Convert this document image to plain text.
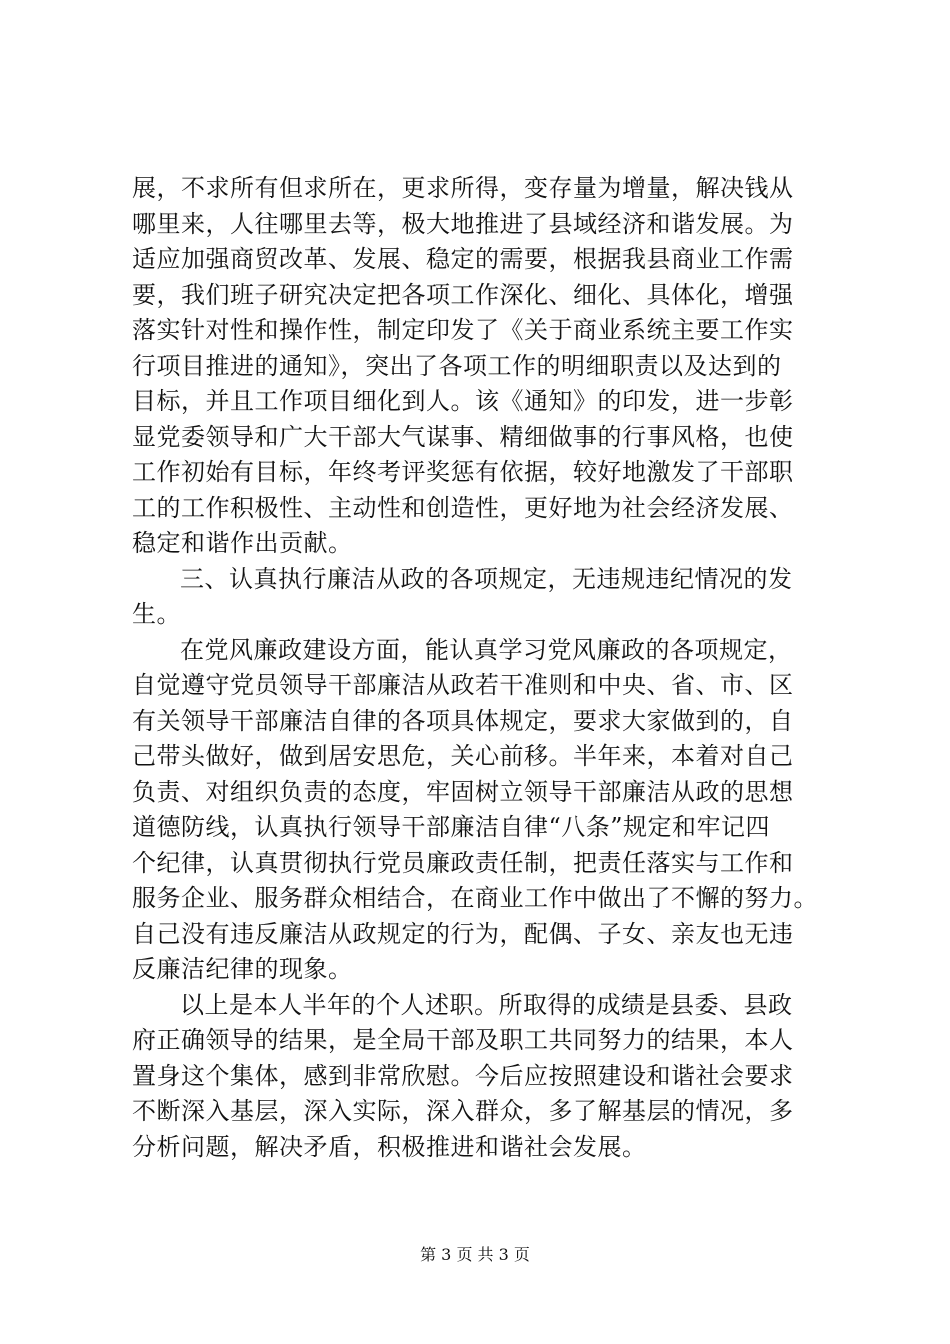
展，不求所有但求所在，更求所得，变存量为增量，解决钱从
哪里来，人往哪里去等，极大地推进了县域经济和谐发展。为
适应加强商贸改革、发展、稳定的需要，根据我县商业工作需
要，我们班子研究决定把各项工作深化、细化、具体化，增强
落实针对性和操作性，制定印发了《关于商业系统主要工作实
行项目推进的通知》，突出了各项工作的明细职责以及达到的
目标，并且工作项目细化到人。该《通知》的印发，进一步彰
显党委领导和广大干部大气谋事、精细做事的行事风格，也使
工作初始有目标，年终考评奖惩有依据，较好地激发了干部职
工的工作积极性、主动性和创造性，更好地为社会经济发展、
稳定和谐作出贡献。
三、认真执行廉洁从政的各项规定，无违规违纪情况的发
生。
在党风廉政建设方面，能认真学习党风廉政的各项规定，
自觉遵守党员领导干部廉洁从政若干准则和中央、省、市、区
有关领导干部廉洁自律的各项具体规定，要求大家做到的，自
己带头做好，做到居安思危，关心前移。半年来，本着对自己
负责、对组织负责的态度，牢固树立领导干部廉洁从政的思想
道德防线，认真执行领导干部廉洁自律“八条”规定和牢记四
个纪律，认真贯彻执行党员廉政责任制，把责任落实与工作和
服务企业、服务群众相结合，在商业工作中做出了不懈的努力。
自己没有违反廉洁从政规定的行为，配偶、子女、亲友也无违
反廉洁纪律的现象。
以上是本人半年的个人述职。所取得的成绩是县委、县政
府正确领导的结果，是全局干部及职工共同努力的结果，本人
置身这个集体，感到非常欣慰。今后应按照建设和谐社会要求
不断深入基层，深入实际，深入群众，多了解基层的情况，多
分析问题，解决矛盾，积极推进和谐社会发展。
第 3 页 共 3 页
